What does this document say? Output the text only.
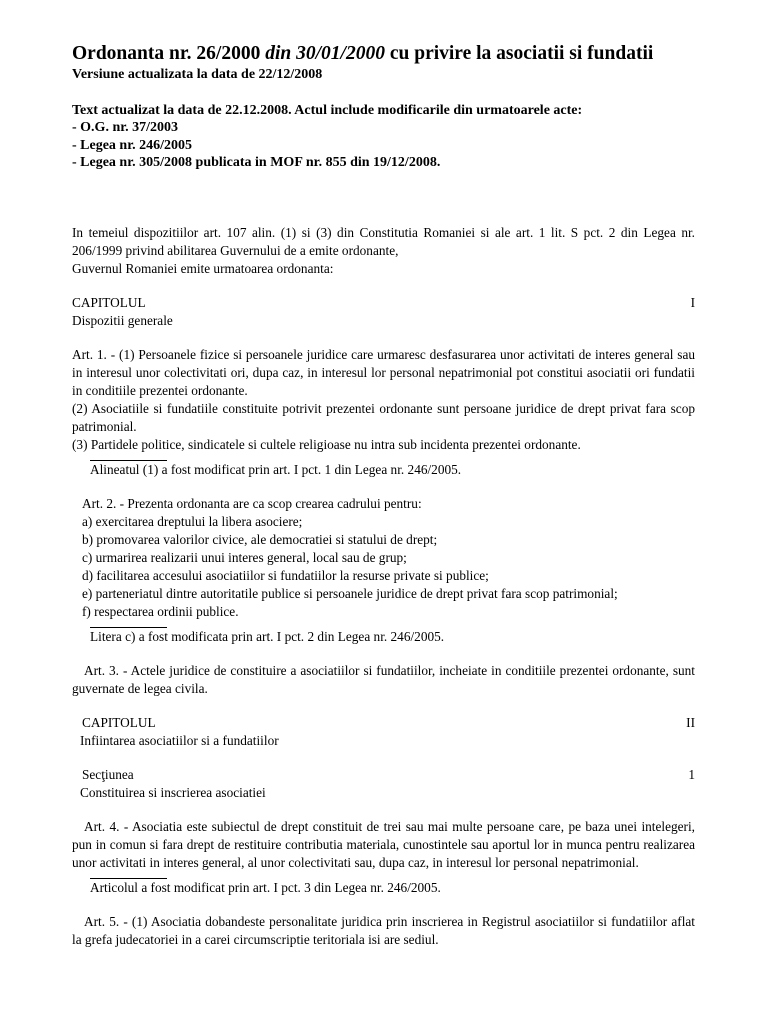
Ordonanta nr. 26/2000 din 30/01/2000 cu privire la asociatii si fundatii
Versiune actualizata la data de 22/12/2008
Text actualizat la data de 22.12.2008. Actul include modificarile din urmatoarele acte:
- O.G. nr. 37/2003
- Legea nr. 246/2005
- Legea nr. 305/2008 publicata in MOF nr. 855 din 19/12/2008.
In temeiul dispozitiilor art. 107 alin. (1) si (3) din Constitutia Romaniei si ale art. 1 lit. S pct. 2 din Legea nr. 206/1999 privind abilitarea Guvernului de a emite ordonante,
Guvernul Romaniei emite urmatoarea ordonanta:
CAPITOLUL	I
Dispozitii generale
Art. 1. - (1) Persoanele fizice si persoanele juridice care urmaresc desfasurarea unor activitati de interes general sau in interesul unor colectivitati ori, dupa caz, in interesul lor personal nepatrimonial pot constitui asociatii ori fundatii in conditiile prezentei ordonante.
(2) Asociatiile si fundatiile constituite potrivit prezentei ordonante sunt persoane juridice de drept privat fara scop patrimonial.
(3) Partidele politice, sindicatele si cultele religioase nu intra sub incidenta prezentei ordonante.
Alineatul (1) a fost modificat prin art. I pct. 1 din Legea nr. 246/2005.
Art. 2. - Prezenta ordonanta are ca scop crearea cadrului pentru:
a) exercitarea dreptului la libera asociere;
b) promovarea valorilor civice, ale democratiei si statului de drept;
c) urmarirea realizarii unui interes general, local sau de grup;
d) facilitarea accesului asociatiilor si fundatiilor la resurse private si publice;
e) parteneriatul dintre autoritatile publice si persoanele juridice de drept privat fara scop patrimonial;
f) respectarea ordinii publice.
Litera c) a fost modificata prin art. I pct. 2 din Legea nr. 246/2005.
Art. 3. - Actele juridice de constituire a asociatiilor si fundatiilor, incheiate in conditiile prezentei ordonante, sunt guvernate de legea civila.
CAPITOLUL	II
Infiintarea asociatiilor si a fundatiilor
Secţiunea	1
Constituirea si inscrierea asociatiei
Art. 4. - Asociatia este subiectul de drept constituit de trei sau mai multe persoane care, pe baza unei intelegeri, pun in comun si fara drept de restituire contributia materiala, cunostintele sau aportul lor in munca pentru realizarea unor activitati in interes general, al unor colectivitati sau, dupa caz, in interesul lor personal nepatrimonial.
Articolul a fost modificat prin art. I pct. 3 din Legea nr. 246/2005.
Art. 5. - (1) Asociatia dobandeste personalitate juridica prin inscrierea in Registrul asociatiilor si fundatiilor aflat la grefa judecatoriei in a carei circumscriptie teritoriala isi are sediul.
